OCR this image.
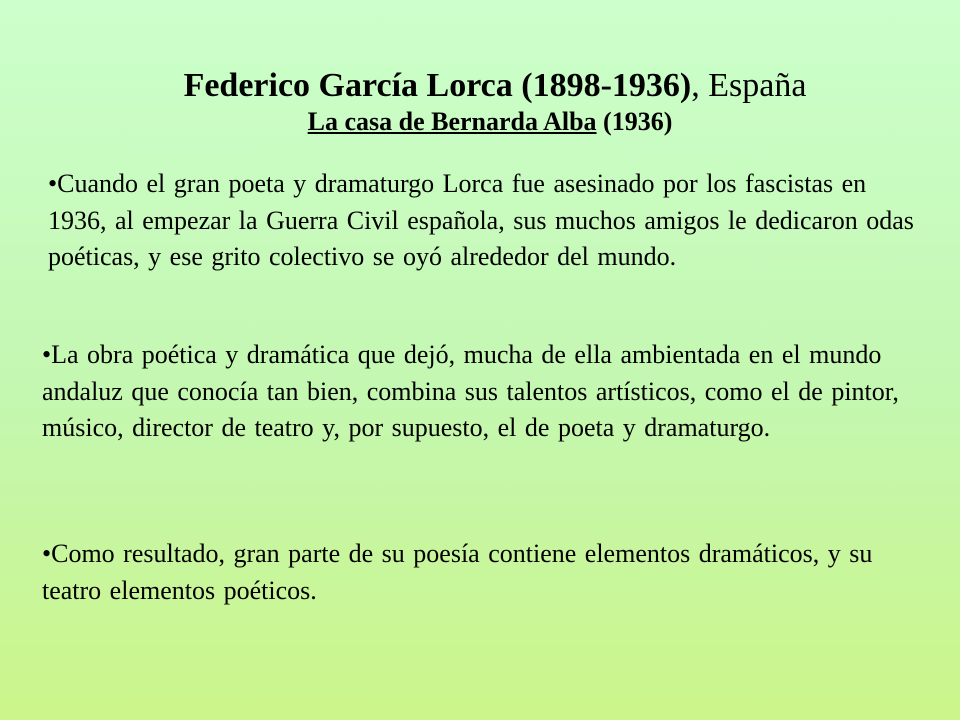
Federico García Lorca (1898-1936), España
La casa de Bernarda Alba (1936)
•Cuando el gran poeta y dramaturgo Lorca fue asesinado por los fascistas en 1936, al empezar la Guerra Civil española, sus muchos amigos le dedicaron odas poéticas, y ese grito colectivo se oyó alrededor del mundo.
•La obra poética y dramática que dejó, mucha de ella ambientada en el mundo andaluz que conocía tan bien, combina sus talentos artísticos, como el de pintor, músico, director de teatro y, por supuesto, el de poeta y dramaturgo.
•Como resultado, gran parte de su poesía contiene elementos dramáticos, y su teatro elementos poéticos.
